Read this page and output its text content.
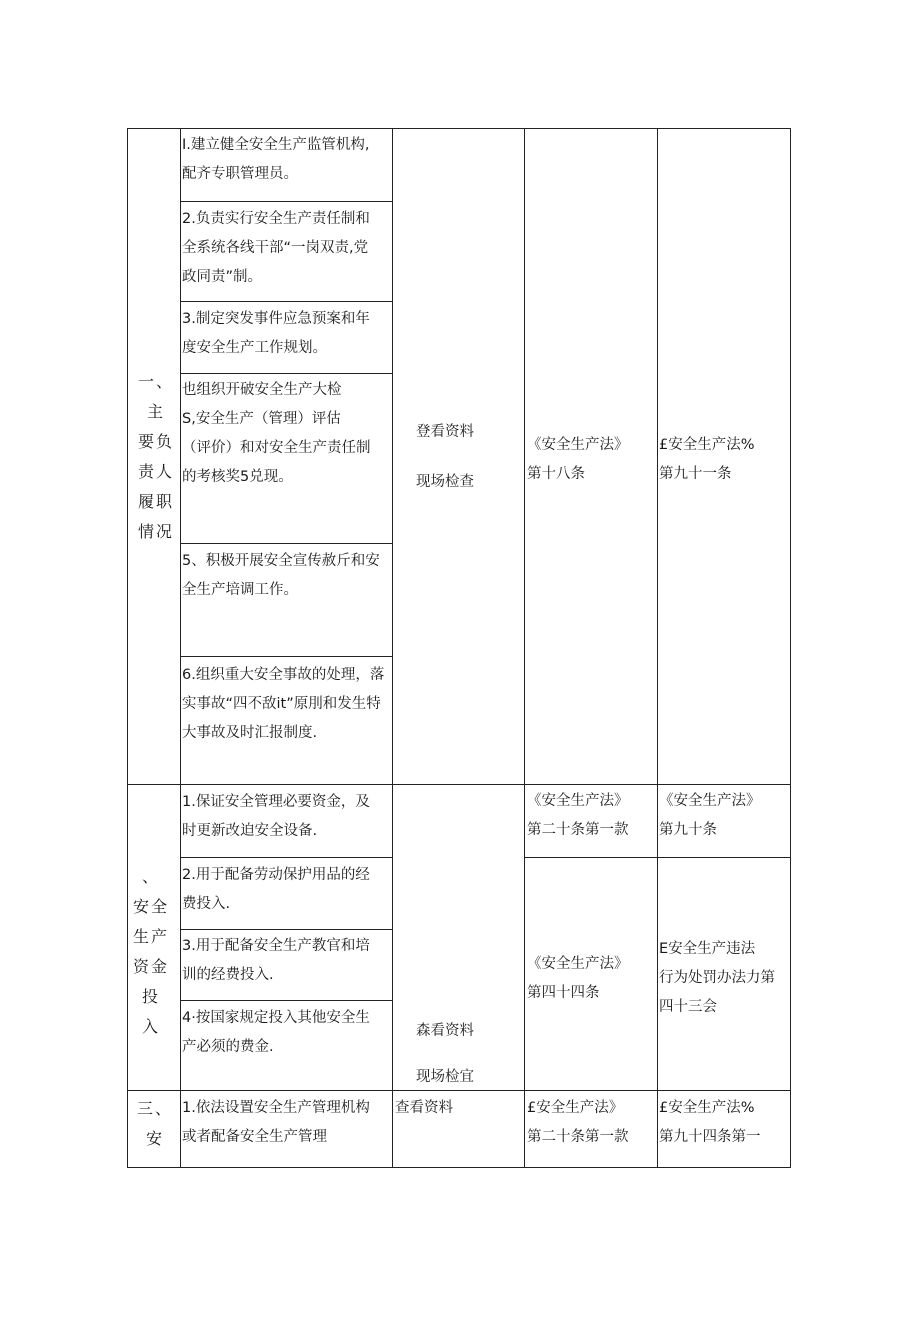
一、
主
要负
责人
履职
情况
I.建立健全安全生产监管机构,
配齐专职管理员。
2.负责实行安全生产责任制和
全系统各线干部“一岗双责,党
政同责”制。
3.制定突发事件应急预案和年
度安全生产工作规划。
也组织开破安全生产大检
S,安全生产（管理）评估
（评价）和对安全生产责任制
的考核奖5兑现。
5、积极开展安全宣传赦斤和安
全生产培调工作。
6.组织重大安全事故的处理，落
实事故“四不敌it”原刖和发生特
大事故及时汇报制度.
登看资料

现场检查
《安全生产法》
第十八条
£安全生产法%
第九十一条
、
安全
生产
资金
投
入
1.保证安全管理必要资金，及
时更新改迫安全设备.
2.用于配备劳动保护用品的经
费投入.
3.用于配备安全生产教官和培
训的经费投入.
4·按国家规定投入其他安全生
产必须的费金.
森看资料

现场检宜
《安全生产法》
第二十条第一款
《安全生产法》
第四十四条
《安全生产法》
第九十条
E安全生产违法
行为处罚办法力第
四十三会
三、
安
1.依法设置安全生产管理机构
或者配备安全生产管理
查看资料	£安全生产法》
第二十条第一款
£安全生产法%
第九十四条第一
